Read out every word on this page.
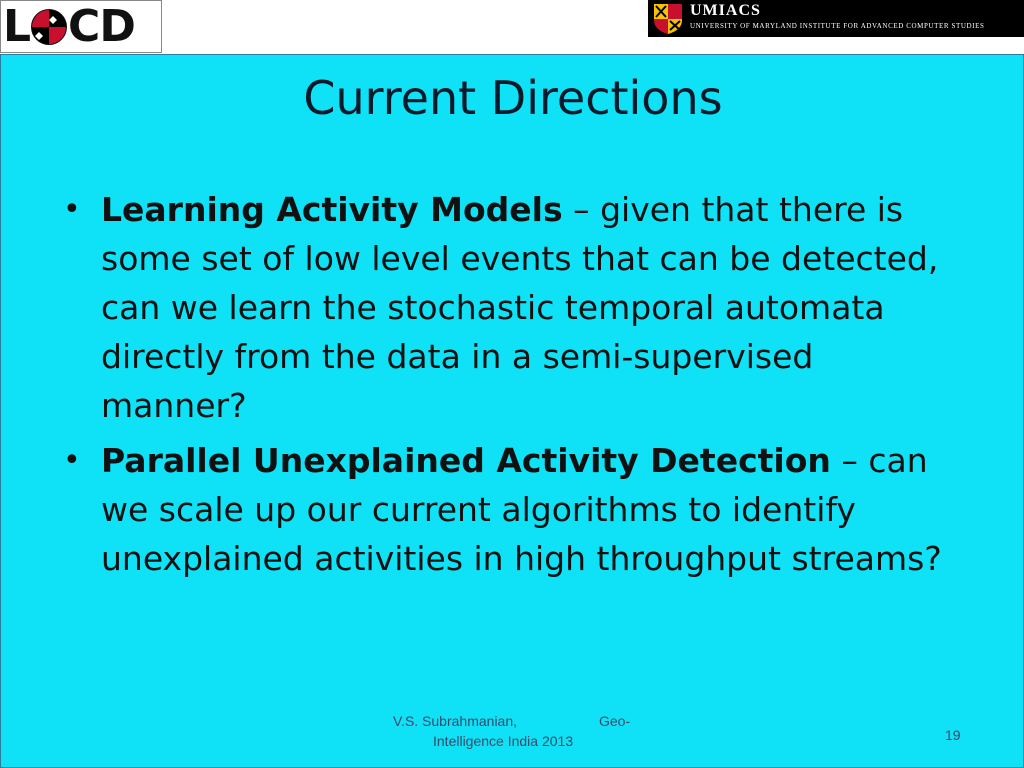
L CD	UMIACS
UNIVERSITY OF MARYLAND INSTITUTE FOR ADVANCED COMPUTER STUDIES
Current Directions
• Learning Activity Models – given that there is some set of low level events that can be detected, can we learn the stochastic temporal automata directly from the data in a semi-supervised manner?
• Parallel Unexplained Activity Detection – can we scale up our current algorithms to identify unexplained activities in high throughput streams?
V.S. Subrahmanian,	Geo-
Intelligence India 2013	19
